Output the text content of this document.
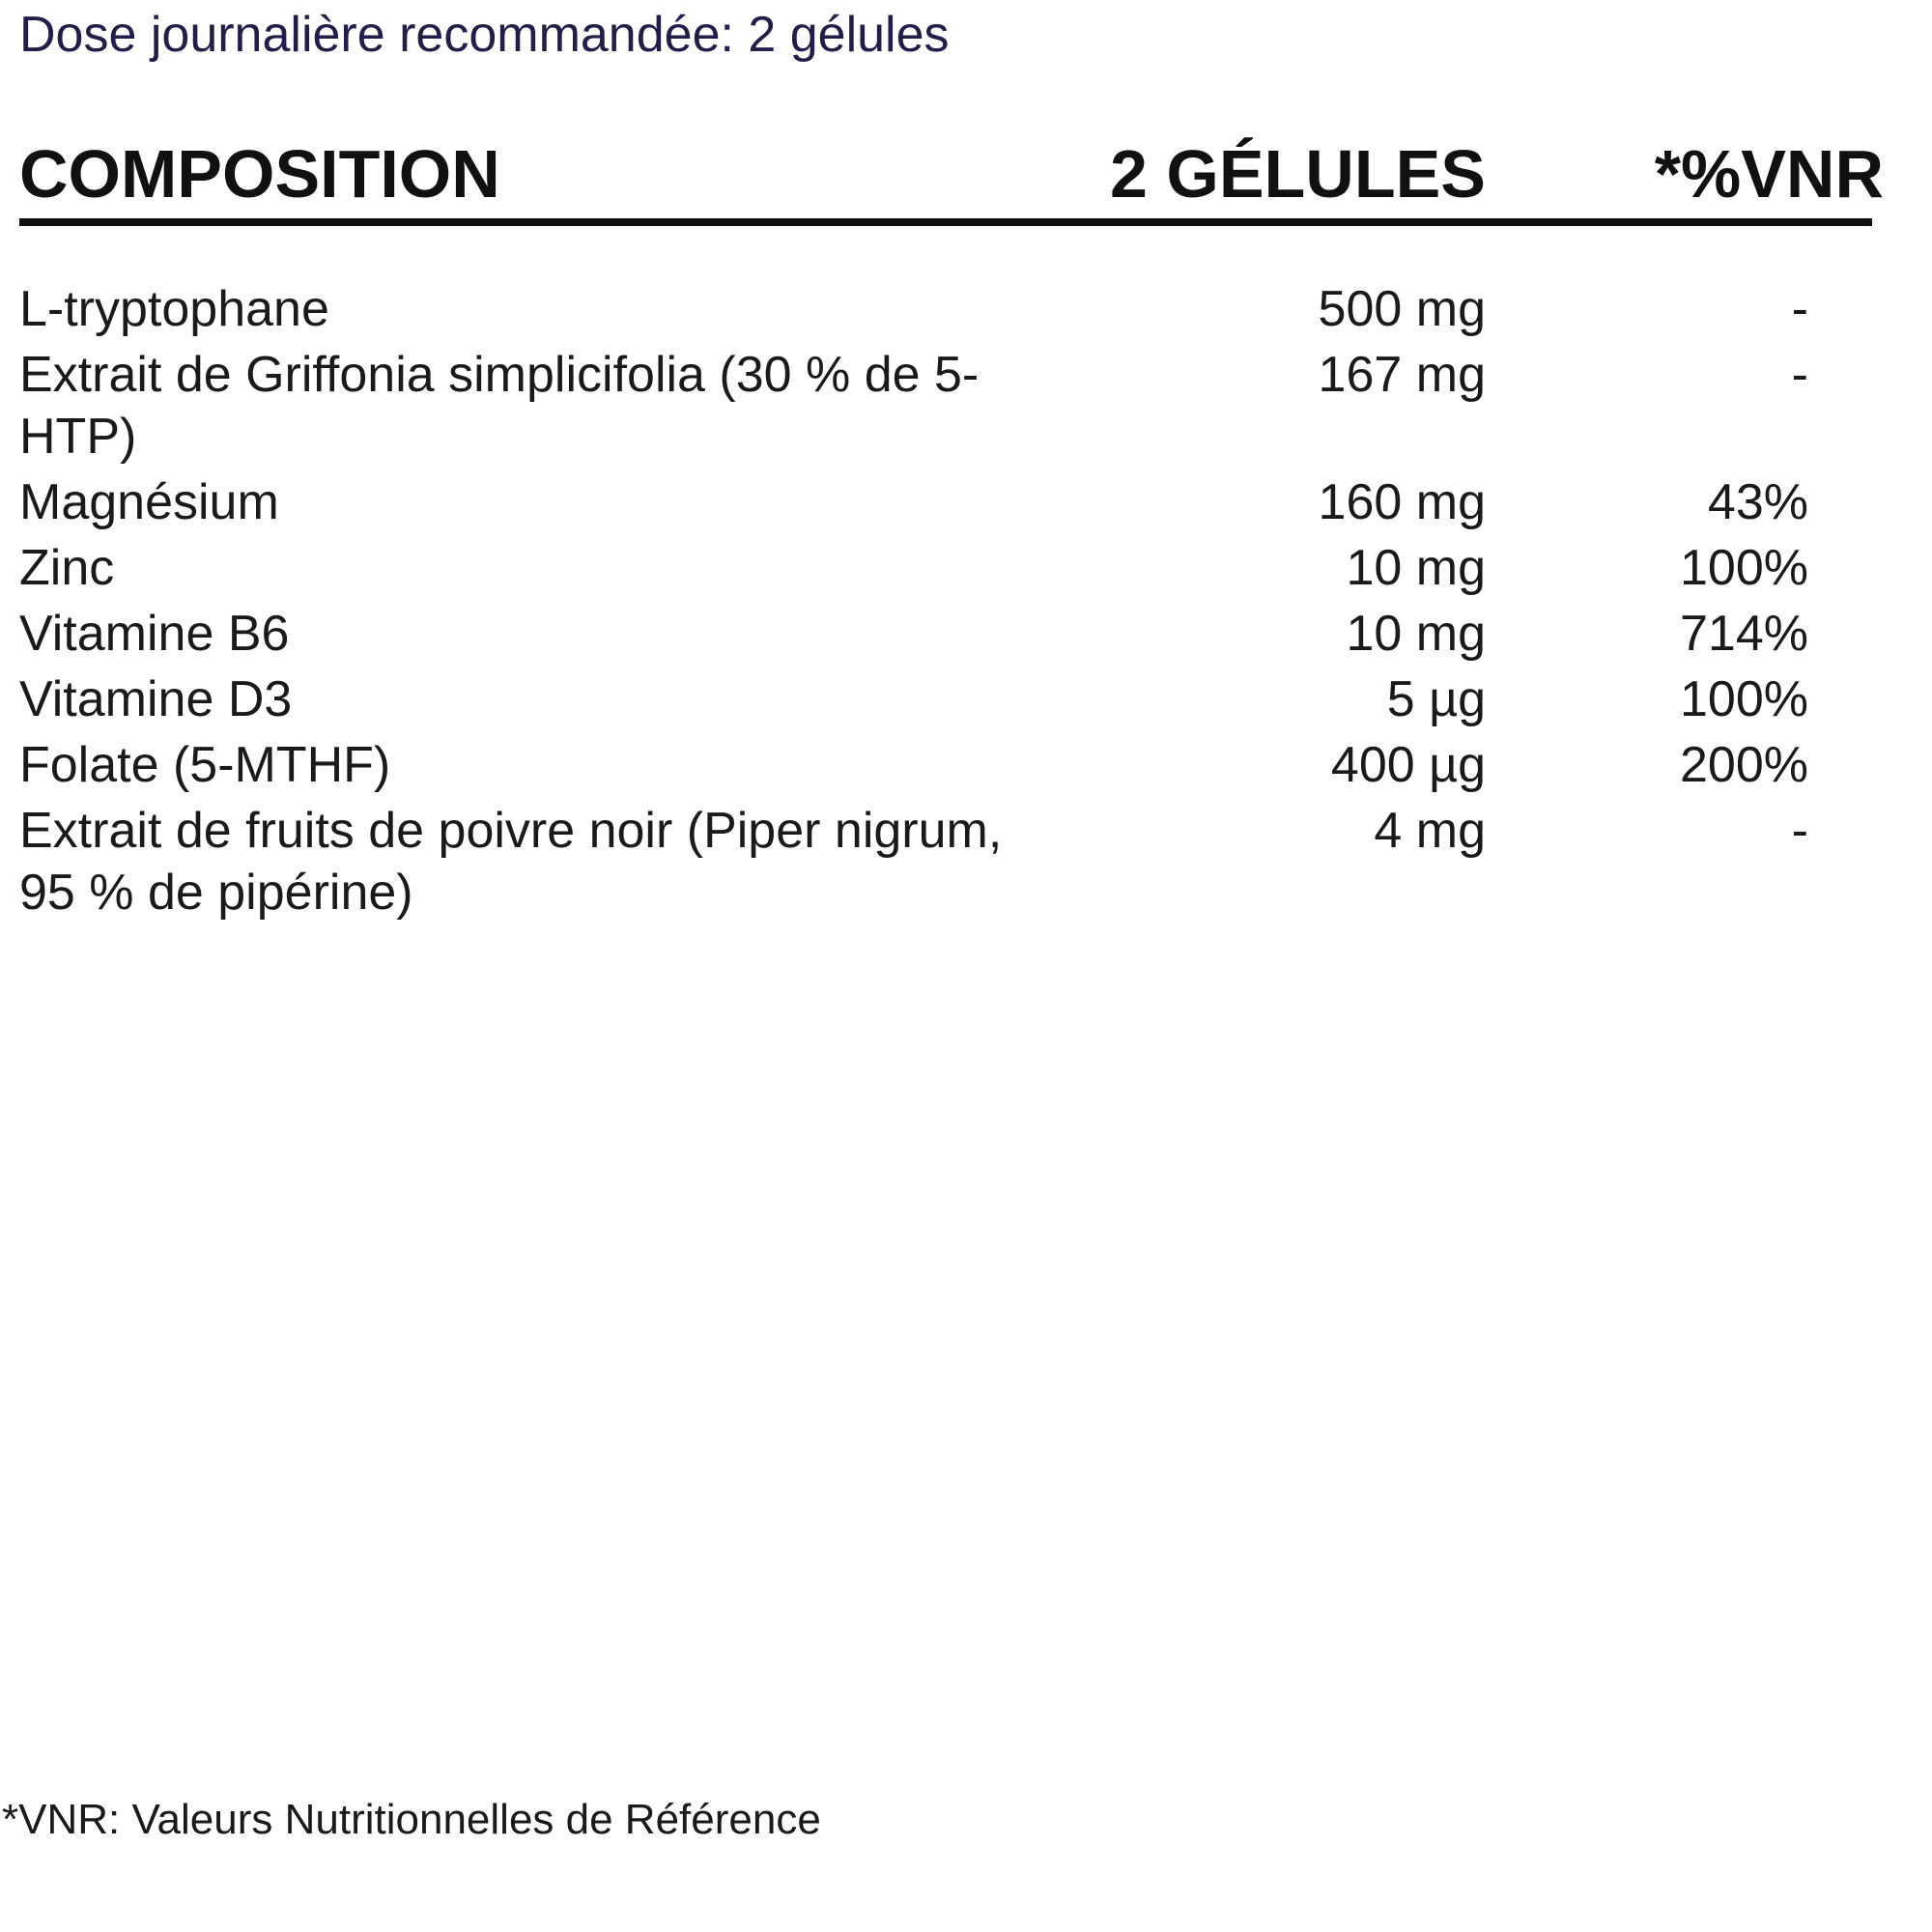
Dose journalière recommandée: 2 gélules
COMPOSITION	2 GÉLULES *%VNR
L-tryptophane	500 mg	-
Extrait de Griffonia simplicifolia (30 % de 5-HTP)
167 mg	-
Magnésium	160 mg	43%
Zinc	10 mg	100%
Vitamine B6	10 mg	714%
Vitamine D3	5 µg	100%
Folate (5-MTHF)	400 µg	200%
Extrait de fruits de poivre noir (Piper nigrum, 95 % de pipérine)
4 mg	-
*VNR: Valeurs Nutritionnelles de Référence
